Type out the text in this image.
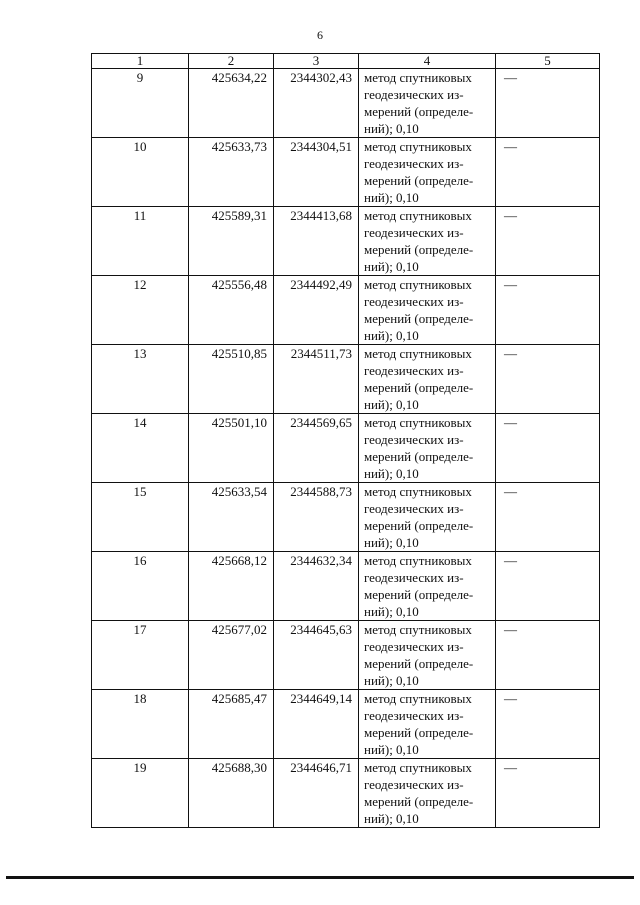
6
1	2	3	4	5
9	425634,22	2344302,43	метод спутниковых геодезических из-мерений (определе-ний); 0,10	—
10	425633,73	2344304,51	метод спутниковых геодезических из-мерений (определе-ний); 0,10	—
11	425589,31	2344413,68	метод спутниковых геодезических из-мерений (определе-ний); 0,10	—
12	425556,48	2344492,49	метод спутниковых геодезических из-мерений (определе-ний); 0,10	—
13	425510,85	2344511,73	метод спутниковых геодезических из-мерений (определе-ний); 0,10	—
14	425501,10	2344569,65	метод спутниковых геодезических из-мерений (определе-ний); 0,10	—
15	425633,54	2344588,73	метод спутниковых геодезических из-мерений (определе-ний); 0,10	—
16	425668,12	2344632,34	метод спутниковых геодезических из-мерений (определе-ний); 0,10	—
17	425677,02	2344645,63	метод спутниковых геодезических из-мерений (определе-ний); 0,10	—
18	425685,47	2344649,14	метод спутниковых геодезических из-мерений (определе-ний); 0,10	—
19	425688,30	2344646,71	метод спутниковых геодезических из-мерений (определе-ний); 0,10	—
